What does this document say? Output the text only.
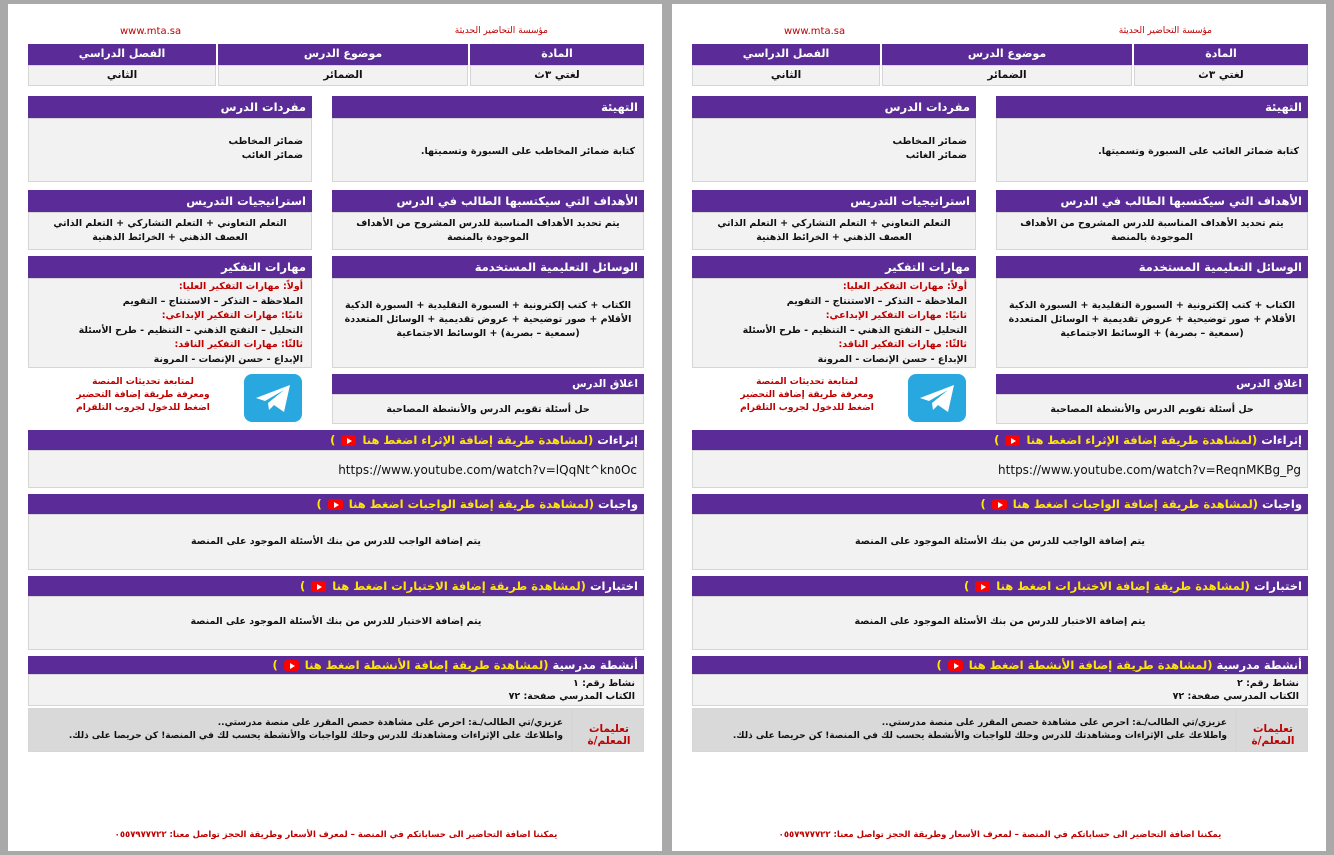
www.mta.sa	مؤسسة التحاضير الحديثة
المادة
موضوع الدرس
الفصل الدراسي
لغتي ٣ث
الضمائر
الثاني
التهيئة
كتابة ضمائر المخاطب على السبورة وتسميتها.
مفردات الدرس
ضمائر المخاطب
ضمائر الغائب
الأهداف التي سيكتسبها الطالب في الدرس
يتم تحديد الأهداف المناسبة للدرس المشروح من الأهداف الموجودة بالمنصة
استراتيجيات التدريس
التعلم التعاوني + التعلم التشاركي + التعلم الذاتي العصف الذهني + الخرائط الذهنية
الوسائل التعليمية المستخدمة
الكتاب + كتب إلكترونية + السبورة التقليدية + السبورة الذكية الأقلام + صور توضيحية + عروض تقديمية + الوسائل المتعددة (سمعية – بصرية) + الوسائط الاجتماعية
مهارات التفكير
أولاً: مهارات التفكير العليا:
الملاحظة – التذكر – الاستنتاج – التقويم
ثانيًا: مهارات التفكير الإبداعي:
التحليل – التفتح الذهني – التنظيم - طرح الأسئلة
ثالثًا: مهارات التفكير الناقد:
الإبداع - حسن الإنصات - المرونة
اغلاق الدرس
حل أسئلة تقويم الدرس والأنشطة المصاحبة
لمتابعة تحديثات المنصة
ومعرفة طريقة إضافة التحضير
اضغط للدخول لجروب التلقرام
إثراءات (لمشاهدة طريقة إضافة الإثراء اضغط هنا  )
https://www.youtube.com/watch?v=lQqNt^kn٥Oc
واجبات (لمشاهدة طريقة إضافة الواجبات اضغط هنا  )
يتم إضافة الواجب للدرس من بنك الأسئلة الموجود على المنصة
اختبارات (لمشاهدة طريقة إضافة الاختبارات اضغط هنا  )
يتم إضافة الاختبار للدرس من بنك الأسئلة الموجود على المنصة
أنشطة مدرسية (لمشاهدة طريقة إضافة الأنشطة اضغط هنا  )
نشاط رقم: ١
الكتاب المدرسي صفحة: ٧٢
تعليمات المعلم/ة
عزيزي/تي الطالب/ـة: احرص على مشاهدة حصص المقرر على منصة مدرستي..
واطلاعك على الإثراءات ومشاهدتك للدرس وحلك للواجبات والأنشطة يحسب لك في المنصة! كن حريصا على ذلك.
يمكننا اضافة التحاضير الى حساباتكم في المنصة – لمعرف الأسعار وطريقة الحجز تواصل معنا: ٠٥٥٧٩٧٧٧٢٢
www.mta.sa	مؤسسة التحاضير الحديثة
المادة
موضوع الدرس
الفصل الدراسي
لغتي ٣ث
الضمائر
الثاني
التهيئة
كتابة ضمائر الغائب على السبورة وتسميتها.
مفردات الدرس
ضمائر المخاطب
ضمائر الغائب
الأهداف التي سيكتسبها الطالب في الدرس
يتم تحديد الأهداف المناسبة للدرس المشروح من الأهداف الموجودة بالمنصة
استراتيجيات التدريس
التعلم التعاوني + التعلم التشاركي + التعلم الذاتي العصف الذهني + الخرائط الذهنية
الوسائل التعليمية المستخدمة
الكتاب + كتب إلكترونية + السبورة التقليدية + السبورة الذكية الأقلام + صور توضيحية + عروض تقديمية + الوسائل المتعددة (سمعية – بصرية) + الوسائط الاجتماعية
مهارات التفكير
أولاً: مهارات التفكير العليا:
الملاحظة – التذكر – الاستنتاج – التقويم
ثانيًا: مهارات التفكير الإبداعي:
التحليل – التفتح الذهني – التنظيم - طرح الأسئلة
ثالثًا: مهارات التفكير الناقد:
الإبداع - حسن الإنصات - المرونة
اغلاق الدرس
حل أسئلة تقويم الدرس والأنشطة المصاحبة
لمتابعة تحديثات المنصة
ومعرفة طريقة إضافة التحضير
اضغط للدخول لجروب التلقرام
إثراءات (لمشاهدة طريقة إضافة الإثراء اضغط هنا  )
https://www.youtube.com/watch?v=ReqnMKBg_Pg
واجبات (لمشاهدة طريقة إضافة الواجبات اضغط هنا  )
يتم إضافة الواجب للدرس من بنك الأسئلة الموجود على المنصة
اختبارات (لمشاهدة طريقة إضافة الاختبارات اضغط هنا  )
يتم إضافة الاختبار للدرس من بنك الأسئلة الموجود على المنصة
أنشطة مدرسية (لمشاهدة طريقة إضافة الأنشطة اضغط هنا  )
نشاط رقم: ٢
الكتاب المدرسي صفحة: ٧٢
تعليمات المعلم/ة
عزيزي/تي الطالب/ـة: احرص على مشاهدة حصص المقرر على منصة مدرستي..
واطلاعك على الإثراءات ومشاهدتك للدرس وحلك للواجبات والأنشطة يحسب لك في المنصة! كن حريصا على ذلك.
يمكننا اضافة التحاضير الى حساباتكم في المنصة – لمعرف الأسعار وطريقة الحجز تواصل معنا: ٠٥٥٧٩٧٧٧٢٢
